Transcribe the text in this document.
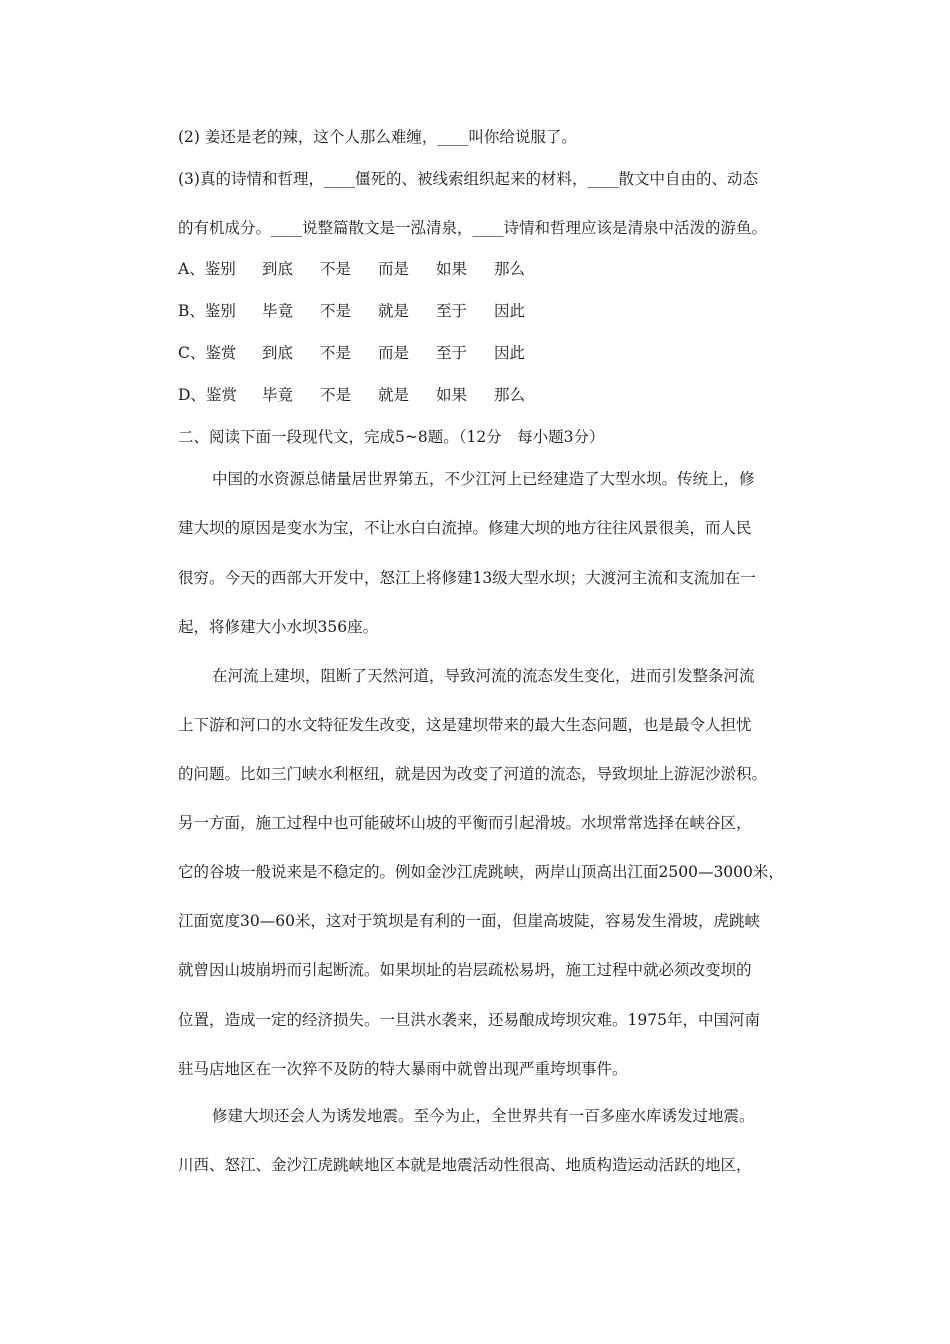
(2) 姜还是老的辣，这个人那么难缠，____叫你给说服了。
(3)真的诗情和哲理，____僵死的、被线索组织起来的材料，____散文中自由的、动态
的有机成分。____说整篇散文是一泓清泉，____诗情和哲理应该是清泉中活泼的游鱼。
A、鉴别 到底 不是 而是 如果 那么
B、鉴别 毕竟 不是 就是 至于 因此
C、鉴赏 到底 不是 而是 至于 因此
D、鉴赏 毕竟 不是 就是 如果 那么
二、阅读下面一段现代文，完成5~8题。（12分　每小题3分）
中国的水资源总储量居世界第五，不少江河上已经建造了大型水坝。传统上，修
建大坝的原因是变水为宝，不让水白白流掉。修建大坝的地方往往风景很美，而人民
很穷。今天的西部大开发中，怒江上将修建13级大型水坝；大渡河主流和支流加在一
起，将修建大小水坝356座。
在河流上建坝，阻断了天然河道，导致河流的流态发生变化，进而引发整条河流
上下游和河口的水文特征发生改变，这是建坝带来的最大生态问题，也是最令人担忧
的问题。比如三门峡水利枢纽，就是因为改变了河道的流态，导致坝址上游泥沙淤积。
另一方面，施工过程中也可能破坏山坡的平衡而引起滑坡。水坝常常选择在峡谷区，
它的谷坡一般说来是不稳定的。例如金沙江虎跳峡，两岸山顶高出江面2500—3000米，
江面宽度30—60米，这对于筑坝是有利的一面，但崖高坡陡，容易发生滑坡，虎跳峡
就曾因山坡崩坍而引起断流。如果坝址的岩层疏松易坍，施工过程中就必须改变坝的
位置，造成一定的经济损失。一旦洪水袭来，还易酿成垮坝灾难。1975年，中国河南
驻马店地区在一次猝不及防的特大暴雨中就曾出现严重垮坝事件。
修建大坝还会人为诱发地震。至今为止，全世界共有一百多座水库诱发过地震。
川西、怒江、金沙江虎跳峡地区本就是地震活动性很高、地质构造运动活跃的地区，
